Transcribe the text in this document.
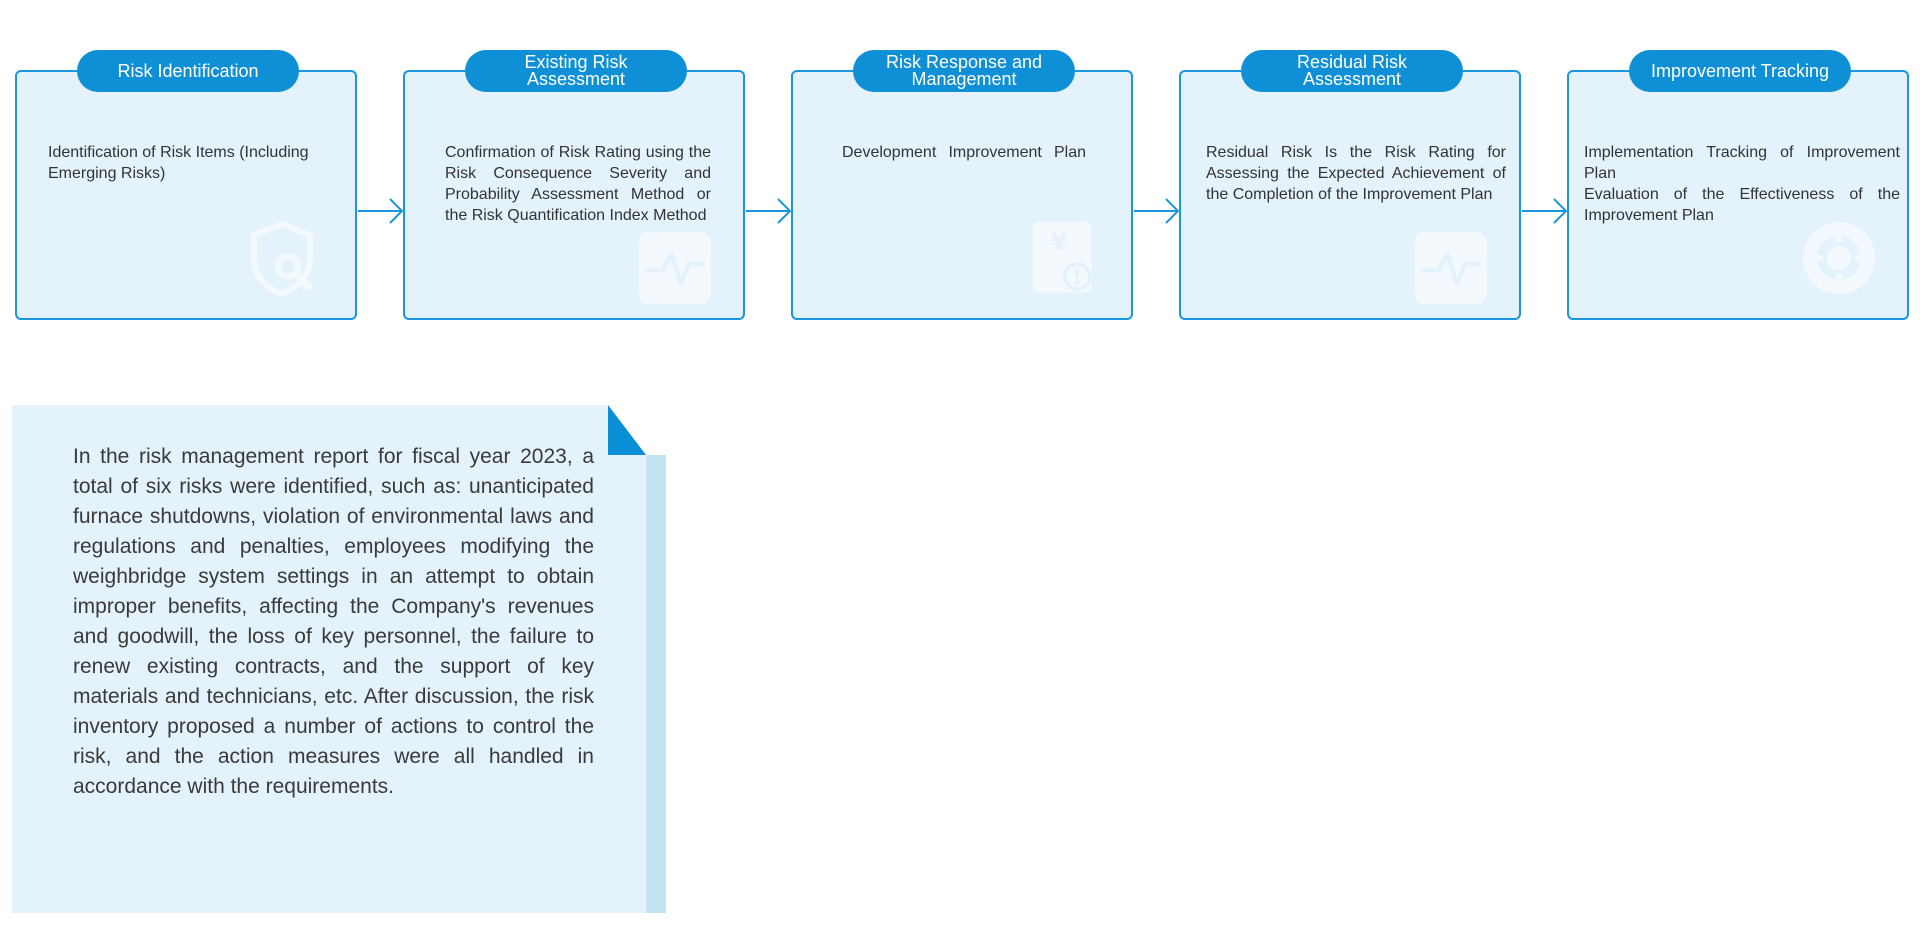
Risk Identification
Identification of Risk Items (Including Emerging Risks)
Existing Risk Assessment
Confirmation of Risk Rating using the Risk Consequence Severity and Probability Assessment Method or the Risk Quantification Index Method
Risk Response and Management
Development Improvement Plan
¥
Residual Risk Assessment
Residual Risk Is the Risk Rating for Assessing the Expected Achievement of the Completion of the Improvement Plan
Improvement Tracking
Implementation Tracking of Improvement Plan
Evaluation of the Effectiveness of the Improvement Plan
In the risk management report for fiscal year 2023, a total of six risks were identified, such as: unanticipated furnace shutdowns, violation of environmental laws and regulations and penalties, employees modifying the weighbridge system settings in an attempt to obtain improper benefits, affecting the Company's revenues and goodwill, the loss of key personnel, the failure to renew existing contracts, and the support of key materials and technicians, etc. After discussion, the risk inventory proposed a number of actions to control the risk, and the action measures were all handled in accordance with the requirements.
